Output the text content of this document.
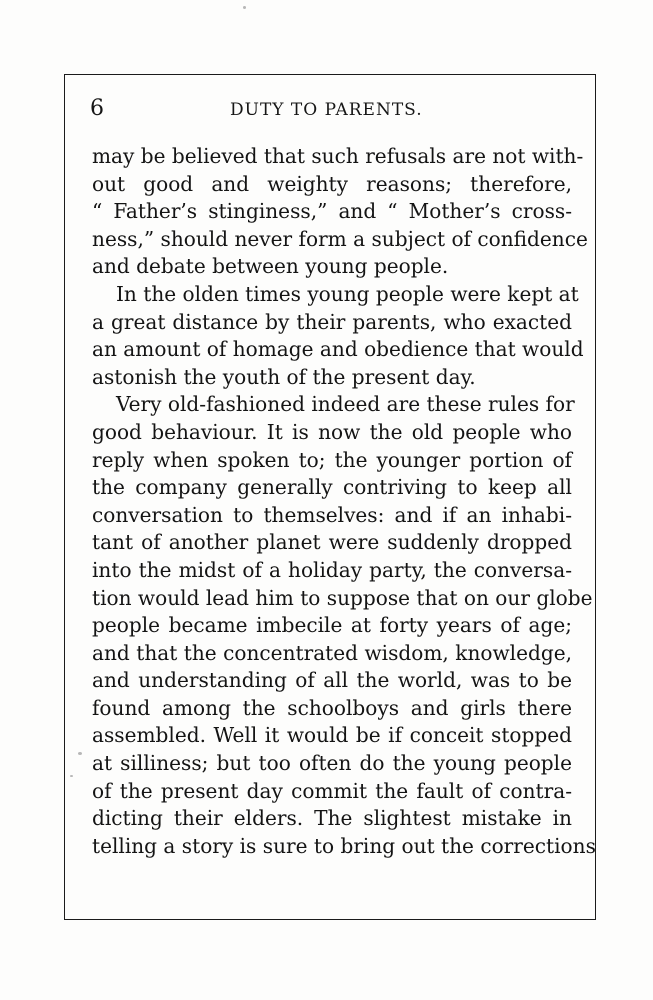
6	DUTY TO PARENTS.
may be believed that such refusals are not with-
out good and weighty reasons; therefore,
“ Father’s stinginess,” and “ Mother’s cross-
ness,” should never form a subject of confidence
and debate between young people.
In the olden times young people were kept at
a great distance by their parents, who exacted
an amount of homage and obedience that would
astonish the youth of the present day.
Very old-fashioned indeed are these rules for
good behaviour. It is now the old people who
reply when spoken to; the younger portion of
the company generally contriving to keep all
conversation to themselves: and if an inhabi-
tant of another planet were suddenly dropped
into the midst of a holiday party, the conversa-
tion would lead him to suppose that on our globe
people became imbecile at forty years of age;
and that the concentrated wisdom, knowledge,
and understanding of all the world, was to be
found among the schoolboys and girls there
assembled. Well it would be if conceit stopped
at silliness; but too often do the young people
of the present day commit the fault of contra-
dicting their elders. The slightest mistake in
telling a story is sure to bring out the corrections
